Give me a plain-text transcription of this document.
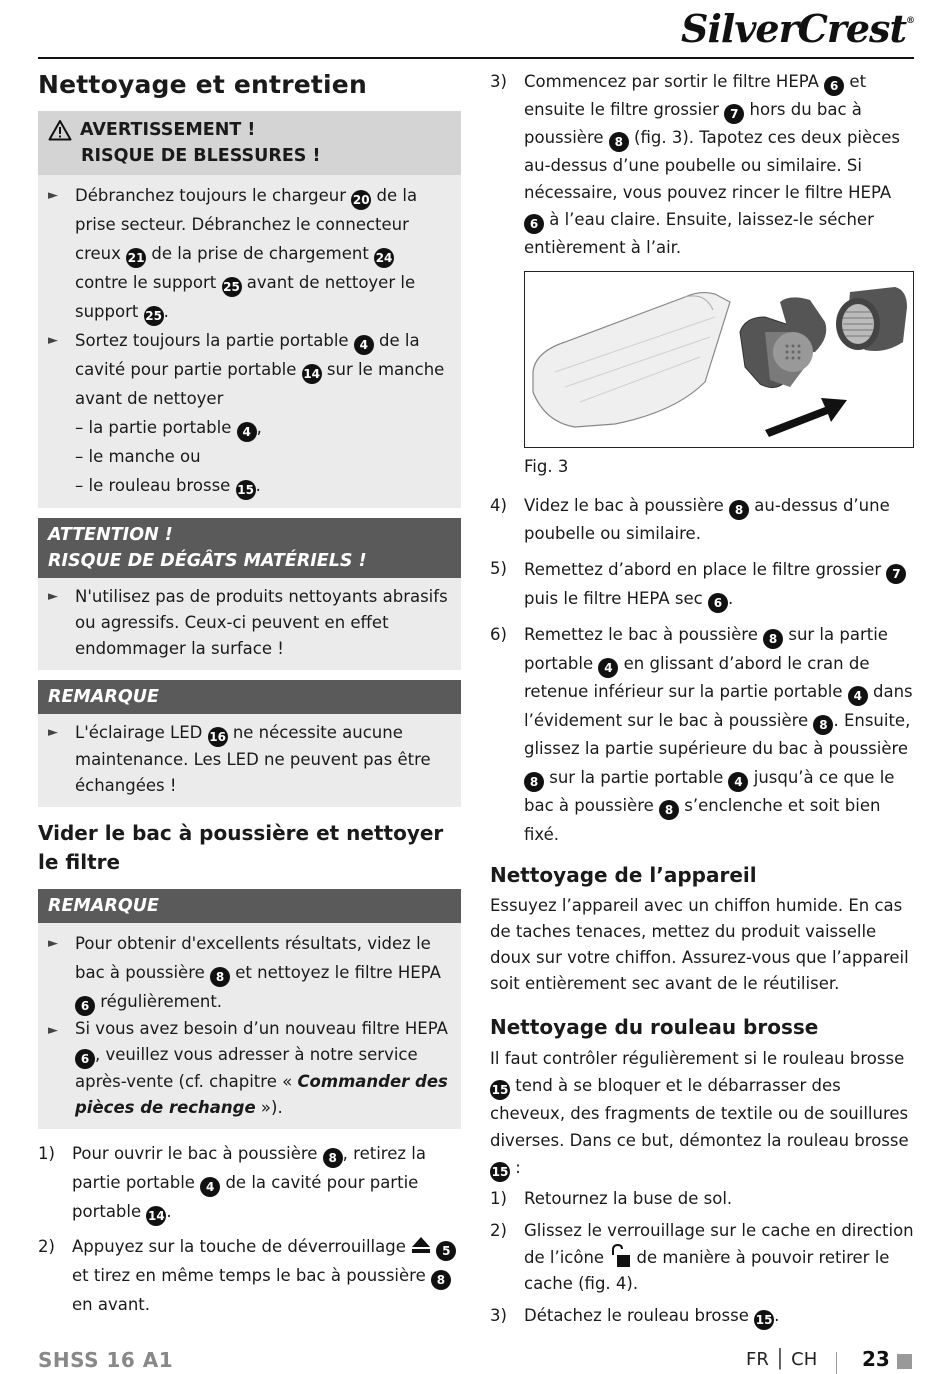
SilverCrest®
Nettoyage et entretien
AVERTISSEMENT !
RISQUE DE BLESSURES !
►	Débranchez toujours le chargeur 20 de la prise secteur. Débranchez le connecteur creux 21 de la prise de chargement 24 contre le support 25 avant de nettoyer le support 25 .
►	Sortez toujours la partie portable 4 de la cavité pour partie portable 14 sur le manche avant de nettoyer
– la partie portable 4 ,
– le manche ou
– le rouleau brosse 15 .
ATTENTION !
RISQUE DE DÉGÂTS MATÉRIELS !
►	N'utilisez pas de produits nettoyants abrasifs ou agressifs. Ceux-ci peuvent en effet endommager la surface !
REMARQUE
►	L'éclairage LED 16 ne nécessite aucune maintenance. Les LED ne peuvent pas être échangées !
Vider le bac à poussière et nettoyer le filtre
REMARQUE
►	Pour obtenir d'excellents résultats, videz le bac à poussière 8 et nettoyez le filtre HEPA 6 régulièrement.
►	Si vous avez besoin d’un nouveau filtre HEPA 6 , veuillez vous adresser à notre service après-vente (cf. chapitre « Commander des pièces de rechange »).
1)	Pour ouvrir le bac à poussière 8 , retirez la partie portable 4 de la cavité pour partie portable 14 .
2)	Appuyez sur la touche de déverrouillage	5 et tirez en même temps le bac à poussière 8 en avant.
3)	Commencez par sortir le filtre HEPA 6 et ensuite le filtre grossier 7 hors du bac à poussière 8 (fig. 3). Tapotez ces deux pièces au-dessus d’une poubelle ou similaire. Si nécessaire, vous pouvez rincer le filtre HEPA 6 à l’eau claire. Ensuite, laissez-le sécher entièrement à l’air.
Fig. 3
4)	Videz le bac à poussière 8 au-dessus d’une poubelle ou similaire.
5)	Remettez d’abord en place le filtre grossier 7 puis le filtre HEPA sec 6 .
6)	Remettez le bac à poussière 8 sur la partie portable 4 en glissant d’abord le cran de retenue inférieur sur la partie portable 4 dans l’évidement sur le bac à poussière 8 . Ensuite, glissez la partie supérieure du bac à poussière 8 sur la partie portable 4 jusqu’à ce que le bac à poussière 8 s’enclenche et soit bien fixé.
Nettoyage de l’appareil

Essuyez l’appareil avec un chiffon humide. En cas de taches tenaces, mettez du produit vaisselle doux sur votre chiffon. Assurez-vous que l’appareil soit entièrement sec avant de le réutiliser.

Nettoyage du rouleau brosse

Il faut contrôler régulièrement si le rouleau brosse 15 tend à se bloquer et le débarrasser des cheveux, des fragments de textile ou de souillures diverses. Dans ce but, démontez la rouleau brosse 15 :

1)	Retournez la buse de sol.
2)	Glissez le verrouillage sur le cache en direction de l’icône  de manière à pouvoir retirer le cache (fig. 4).
3)	Détachez le rouleau brosse 15 .
SHSS 16 A1	FR │ CH 23
